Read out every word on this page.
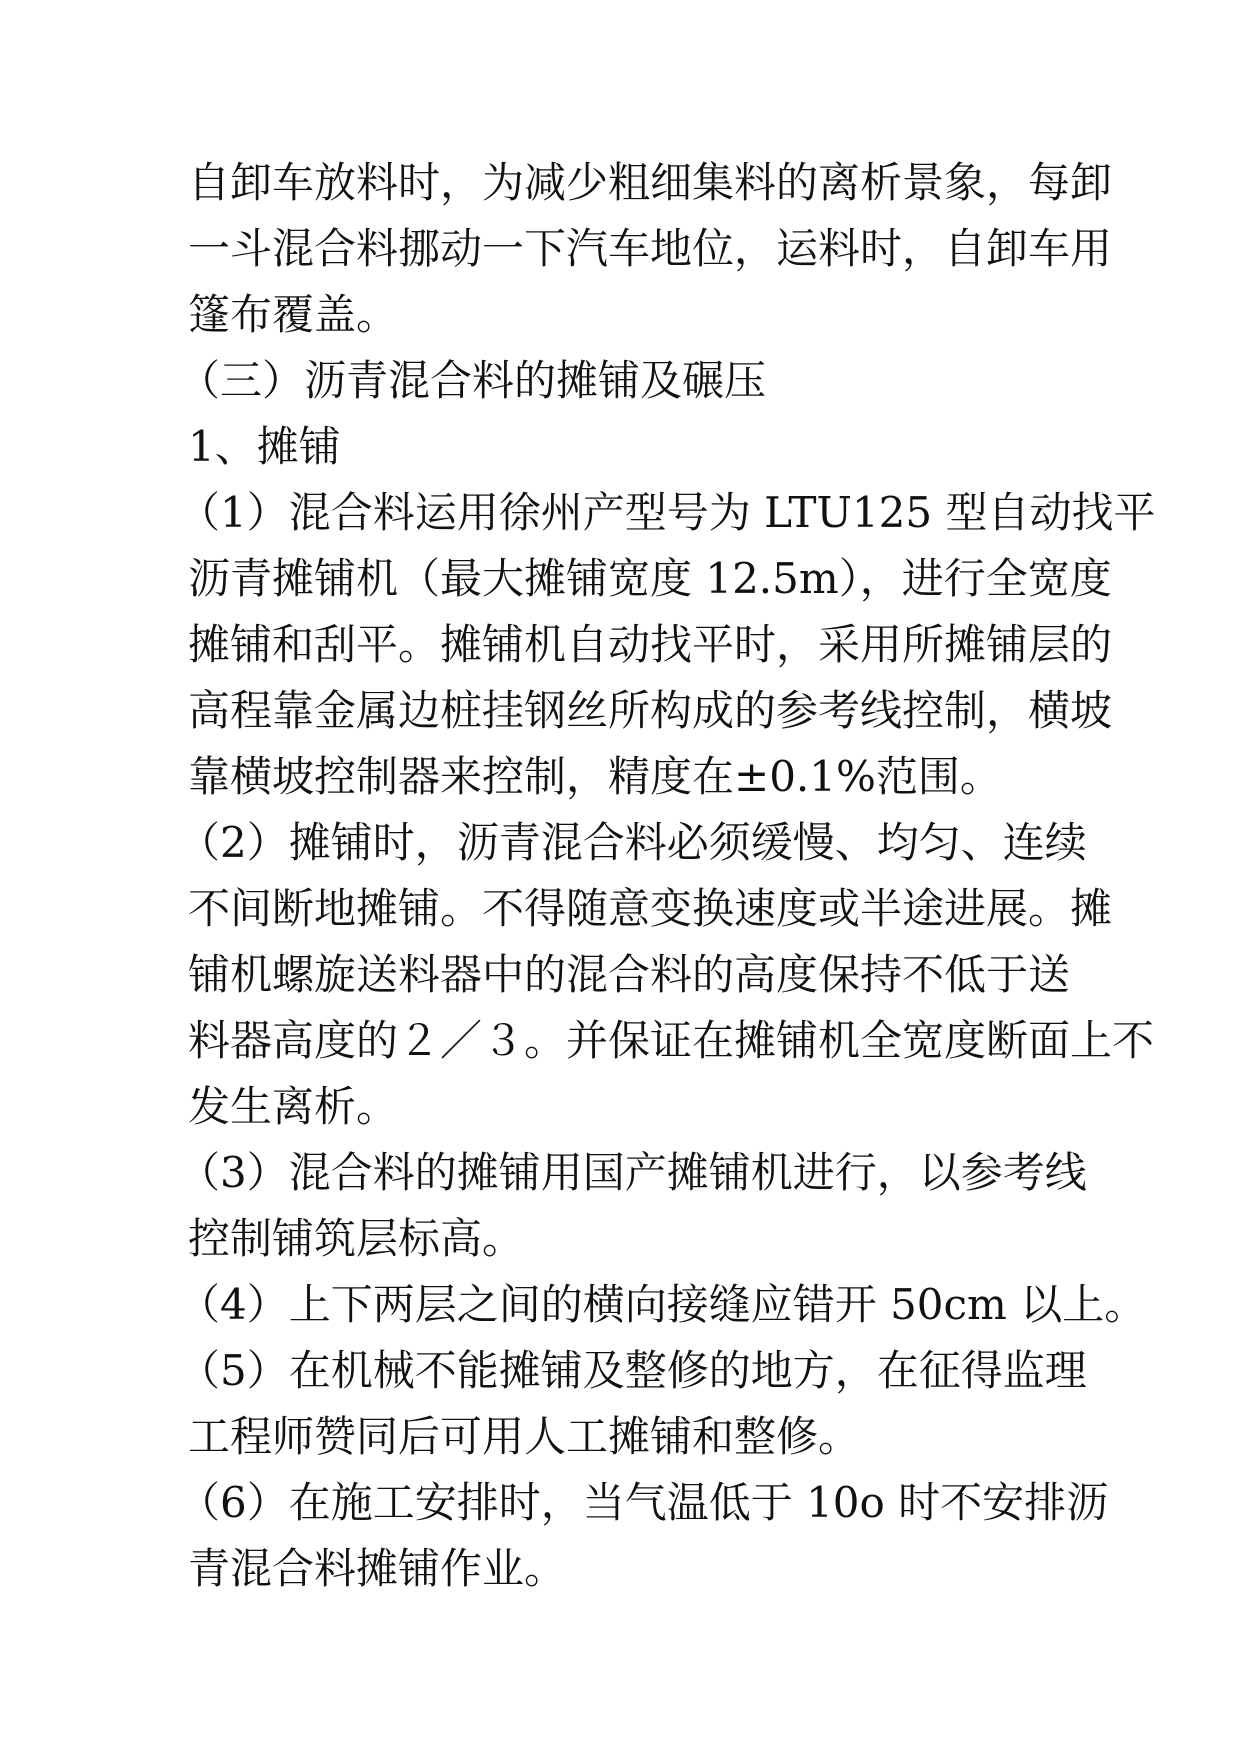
自卸车放料时，为减少粗细集料的离析景象，每卸
一斗混合料挪动一下汽车地位，运料时，自卸车用
篷布覆盖。
（三）沥青混合料的摊铺及碾压
1、摊铺
（1）混合料运用徐州产型号为 LTU125 型自动找平
沥青摊铺机（最大摊铺宽度 12.5m），进行全宽度
摊铺和刮平。摊铺机自动找平时，采用所摊铺层的
高程靠金属边桩挂钢丝所构成的参考线控制，横坡
靠横坡控制器来控制，精度在±0.1%范围。
（2）摊铺时，沥青混合料必须缓慢、均匀、连续
不间断地摊铺。不得随意变换速度或半途进展。摊
铺机螺旋送料器中的混合料的高度保持不低于送
料器高度的２／３。并保证在摊铺机全宽度断面上不
发生离析。
（3）混合料的摊铺用国产摊铺机进行，以参考线
控制铺筑层标高。
（4）上下两层之间的横向接缝应错开 50cm 以上。
（5）在机械不能摊铺及整修的地方，在征得监理
工程师赞同后可用人工摊铺和整修。
（6）在施工安排时，当气温低于 10o 时不安排沥
青混合料摊铺作业。
